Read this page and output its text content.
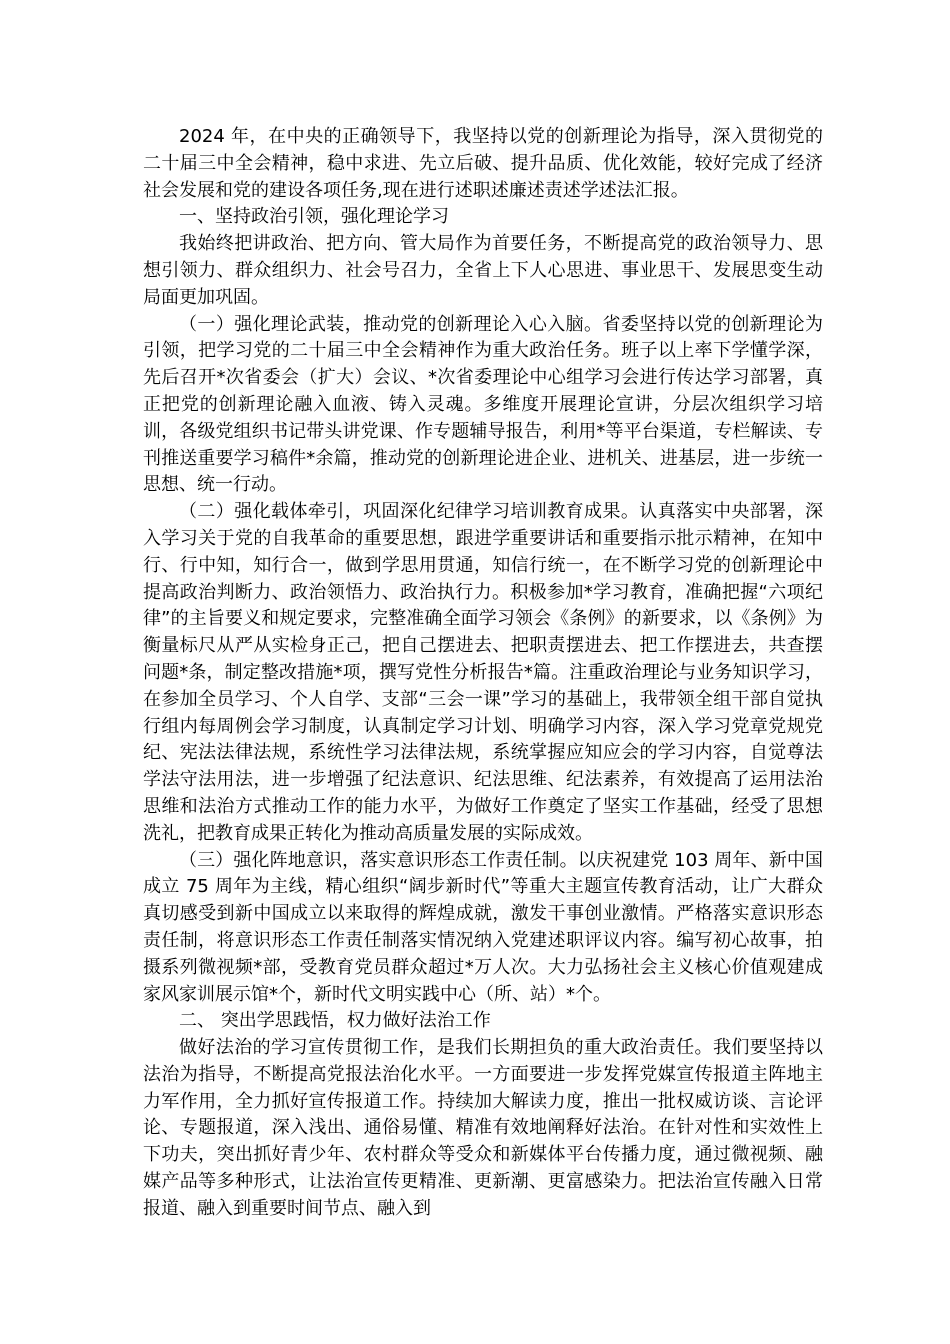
2024 年，在中央的正确领导下，我坚持以党的创新理论为指导，深入贯彻党的二十届三中全会精神，稳中求进、先立后破、提升品质、优化效能，较好完成了经济社会发展和党的建设各项任务,现在进行述职述廉述责述学述法汇报。

一、坚持政治引领，强化理论学习

我始终把讲政治、把方向、管大局作为首要任务，不断提高党的政治领导力、思想引领力、群众组织力、社会号召力，全省上下人心思进、事业思干、发展思变生动局面更加巩固。

（一）强化理论武装，推动党的创新理论入心入脑。省委坚持以党的创新理论为引领，把学习党的二十届三中全会精神作为重大政治任务。班子以上率下学懂学深，先后召开*次省委会（扩大）会议、*次省委理论中心组学习会进行传达学习部署，真正把党的创新理论融入血液、铸入灵魂。多维度开展理论宣讲，分层次组织学习培训，各级党组织书记带头讲党课、作专题辅导报告，利用*等平台渠道，专栏解读、专刊推送重要学习稿件*余篇，推动党的创新理论进企业、进机关、进基层，进一步统一思想、统一行动。

（二）强化载体牵引，巩固深化纪律学习培训教育成果。认真落实中央部署，深入学习关于党的自我革命的重要思想，跟进学重要讲话和重要指示批示精神，在知中行、行中知，知行合一，做到学思用贯通，知信行统一，在不断学习党的创新理论中提高政治判断力、政治领悟力、政治执行力。积极参加*学习教育，准确把握“六项纪律”的主旨要义和规定要求，完整准确全面学习领会《条例》的新要求，以《条例》为衡量标尺从严从实检身正己，把自己摆进去、把职责摆进去、把工作摆进去，共查摆问题*条，制定整改措施*项，撰写党性分析报告*篇。注重政治理论与业务知识学习，在参加全员学习、个人自学、支部“三会一课”学习的基础上，我带领全组干部自觉执行组内每周例会学习制度，认真制定学习计划、明确学习内容，深入学习党章党规党纪、宪法法律法规，系统性学习法律法规，系统掌握应知应会的学习内容，自觉尊法学法守法用法，进一步增强了纪法意识、纪法思维、纪法素养，有效提高了运用法治思维和法治方式推动工作的能力水平，为做好工作奠定了坚实工作基础，经受了思想洗礼，把教育成果正转化为推动高质量发展的实际成效。

（三）强化阵地意识，落实意识形态工作责任制。以庆祝建党 103 周年、新中国成立 75 周年为主线，精心组织“阔步新时代”等重大主题宣传教育活动，让广大群众真切感受到新中国成立以来取得的辉煌成就，激发干事创业激情。严格落实意识形态责任制，将意识形态工作责任制落实情况纳入党建述职评议内容。编写初心故事，拍摄系列微视频*部，受教育党员群众超过*万人次。大力弘扬社会主义核心价值观建成家风家训展示馆*个，新时代文明实践中心（所、站）*个。

二、 突出学思践悟，权力做好法治工作

做好法治的学习宣传贯彻工作，是我们长期担负的重大政治责任。我们要坚持以法治为指导，不断提高党报法治化水平。一方面要进一步发挥党媒宣传报道主阵地主力军作用，全力抓好宣传报道工作。持续加大解读力度，推出一批权威访谈、言论评论、专题报道，深入浅出、通俗易懂、精准有效地阐释好法治。在针对性和实效性上下功夫，突出抓好青少年、农村群众等受众和新媒体平台传播力度，通过微视频、融媒产品等多种形式，让法治宣传更精准、更新潮、更富感染力。把法治宣传融入日常报道、融入到重要时间节点、融入到
